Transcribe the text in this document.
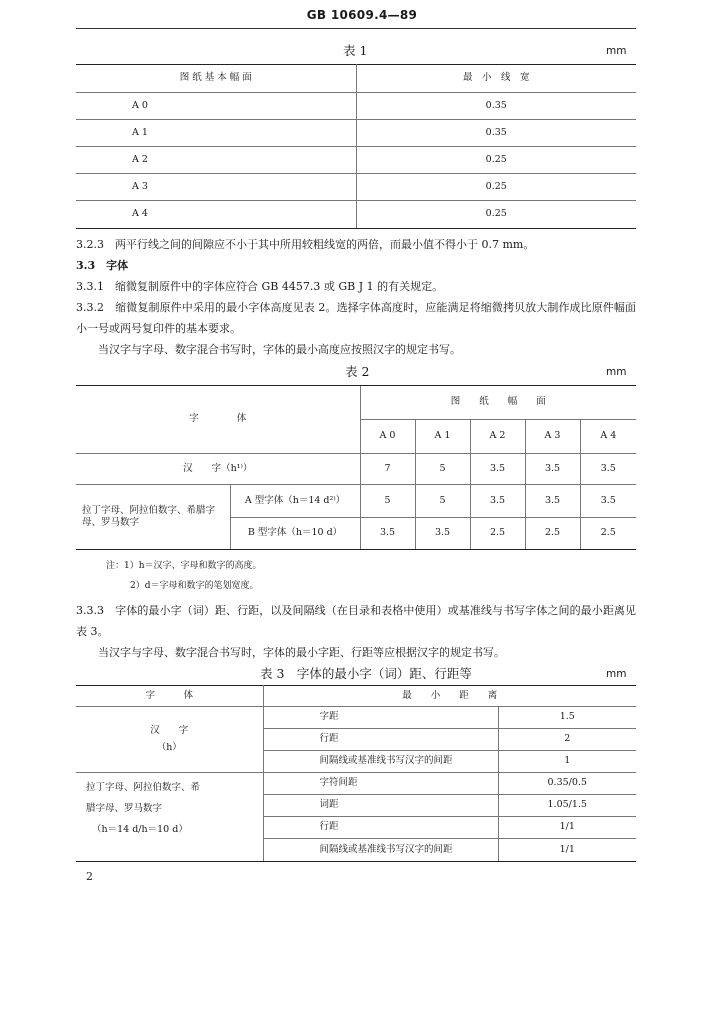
GB 10609.4—89
表 1	mm
图 纸 基 本 幅 面	最　小　线　宽
A 0	0.35
A 1	0.35
A 2	0.25
A 3	0.25
A 4	0.25
3.2.3　两平行线之间的间隙应不小于其中所用较粗线宽的两倍，而最小值不得小于 0.7 mm。
3.3　字体
3.3.1　缩微复制原件中的字体应符合 GB 4457.3 或 GB J 1 的有关规定。
3.3.2　缩微复制原件中采用的最小字体高度见表 2。选择字体高度时，应能满足将缩微拷贝放大制作成比原件幅面小一号或两号复印件的基本要求。
当汉字与字母、数字混合书写时，字体的最小高度应按照汉字的规定书写。
表 2	mm
字　　　　体		图　　纸　　幅　　面				
		A 0	A 1	A 2	A 3	A 4
汉　　字（h¹⁾）		7	5	3.5	3.5	3.5
拉丁字母、阿拉伯数字、希腊字母、罗马数字	A 型字体（h＝14 d²⁾）	5	5	3.5	3.5	3.5
	B 型字体（h＝10 d）	3.5	3.5	2.5	2.5	2.5
注：1）h＝汉字、字母和数字的高度。
2）d＝字母和数字的笔划宽度。
3.3.3　字体的最小字（词）距、行距，以及间隔线（在目录和表格中使用）或基准线与书写字体之间的最小距离见表 3。
当汉字与字母、数字混合书写时，字体的最小字距、行距等应根据汉字的规定书写。
表 3　字体的最小字（词）距、行距等	mm
字　　　体	最　　小　　距　　离	

汉　　字
（h）	字距	1.5
	行距	2
	间隔线或基准线书写汉字的间距	1

拉丁字母、阿拉伯数字、希
腊字母、罗马数字
（h＝14 d/h＝10 d）	字符间距	0.35/0.5
	词距	1.05/1.5
	行距	1/1
	间隔线或基准线书写汉字的间距	1/1
2
